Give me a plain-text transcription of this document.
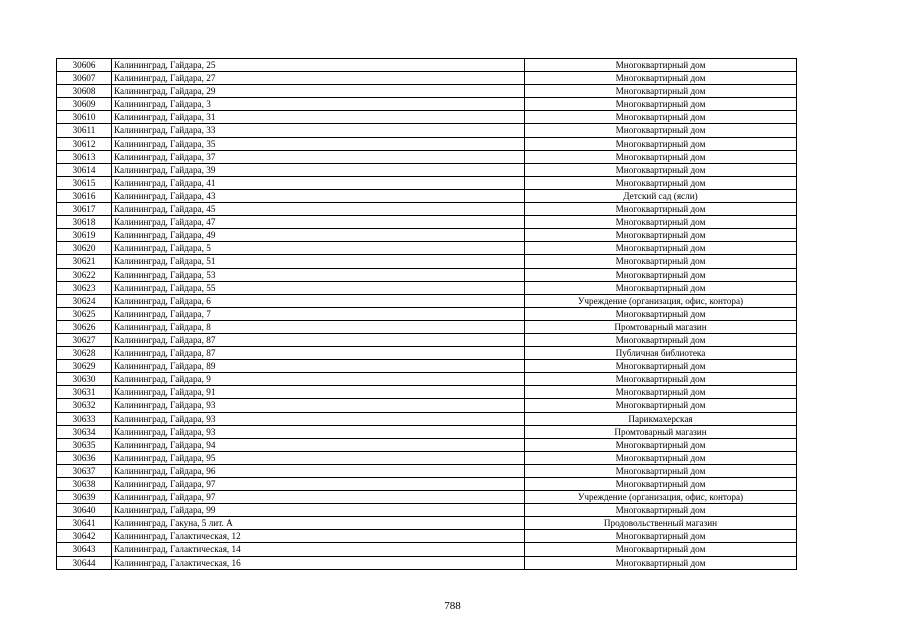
30606	Калининград, Гайдара, 25	Многоквартирный дом
30607	Калининград, Гайдара, 27	Многоквартирный дом
30608	Калининград, Гайдара, 29	Многоквартирный дом
30609	Калининград, Гайдара, 3	Многоквартирный дом
30610	Калининград, Гайдара, 31	Многоквартирный дом
30611	Калининград, Гайдара, 33	Многоквартирный дом
30612	Калининград, Гайдара, 35	Многоквартирный дом
30613	Калининград, Гайдара, 37	Многоквартирный дом
30614	Калининград, Гайдара, 39	Многоквартирный дом
30615	Калининград, Гайдара, 41	Многоквартирный дом
30616	Калининград, Гайдара, 43	Детский сад (ясли)
30617	Калининград, Гайдара, 45	Многоквартирный дом
30618	Калининград, Гайдара, 47	Многоквартирный дом
30619	Калининград, Гайдара, 49	Многоквартирный дом
30620	Калининград, Гайдара, 5	Многоквартирный дом
30621	Калининград, Гайдара, 51	Многоквартирный дом
30622	Калининград, Гайдара, 53	Многоквартирный дом
30623	Калининград, Гайдара, 55	Многоквартирный дом
30624	Калининград, Гайдара, 6	Учреждение (организация, офис, контора)
30625	Калининград, Гайдара, 7	Многоквартирный дом
30626	Калининград, Гайдара, 8	Промтоварный магазин
30627	Калининград, Гайдара, 87	Многоквартирный дом
30628	Калининград, Гайдара, 87	Публичная библиотека
30629	Калининград, Гайдара, 89	Многоквартирный дом
30630	Калининград, Гайдара, 9	Многоквартирный дом
30631	Калининград, Гайдара, 91	Многоквартирный дом
30632	Калининград, Гайдара, 93	Многоквартирный дом
30633	Калининград, Гайдара, 93	Парикмахерская
30634	Калининград, Гайдара, 93	Промтоварный магазин
30635	Калининград, Гайдара, 94	Многоквартирный дом
30636	Калининград, Гайдара, 95	Многоквартирный дом
30637	Калининград, Гайдара, 96	Многоквартирный дом
30638	Калининград, Гайдара, 97	Многоквартирный дом
30639	Калининград, Гайдара, 97	Учреждение (организация, офис, контора)
30640	Калининград, Гайдара, 99	Многоквартирный дом
30641	Калининград, Гакуна, 5 лит. А	Продовольственный магазин
30642	Калининград, Галактическая, 12	Многоквартирный дом
30643	Калининград, Галактическая, 14	Многоквартирный дом
30644	Калининград, Галактическая, 16	Многоквартирный дом
788
